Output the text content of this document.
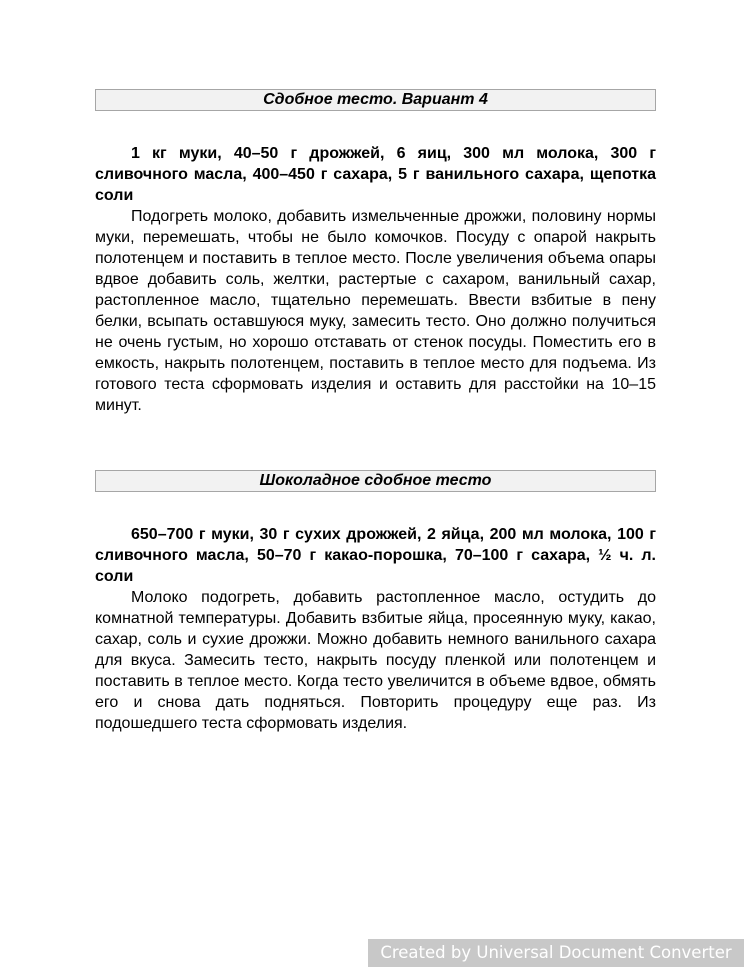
Сдобное тесто. Вариант 4

1 кг муки, 40–50 г дрожжей, 6 яиц, 300 мл молока, 300 г сливочного масла, 400–450 г сахара, 5 г ванильного сахара, щепотка соли

Подогреть молоко, добавить измельченные дрожжи, половину нормы муки, перемешать, чтобы не было комочков. Посуду с опарой накрыть полотенцем и поставить в теплое место. После увеличения объема опары вдвое добавить соль, желтки, растертые с сахаром, ванильный сахар, растопленное масло, тщательно перемешать. Ввести взбитые в пену белки, всыпать оставшуюся муку, замесить тесто. Оно должно получиться не очень густым, но хорошо отставать от стенок посуды. Поместить его в емкость, накрыть полотенцем, поставить в теплое место для подъема. Из готового теста сформовать изделия и оставить для расстойки на 10–15 минут.

Шоколадное сдобное тесто

650–700 г муки, 30 г сухих дрожжей, 2 яйца, 200 мл молока, 100 г сливочного масла, 50–70 г какао-порошка, 70–100 г сахара, ½ ч. л. соли

Молоко подогреть, добавить растопленное масло, остудить до комнатной температуры. Добавить взбитые яйца, просеянную муку, какао, сахар, соль и сухие дрожжи. Можно добавить немного ванильного сахара для вкуса. Замесить тесто, накрыть посуду пленкой или полотенцем и поставить в теплое место. Когда тесто увеличится в объеме вдвое, обмять его и снова дать подняться. Повторить процедуру еще раз. Из подошедшего теста сформовать изделия.

Created by Universal Document Converter
